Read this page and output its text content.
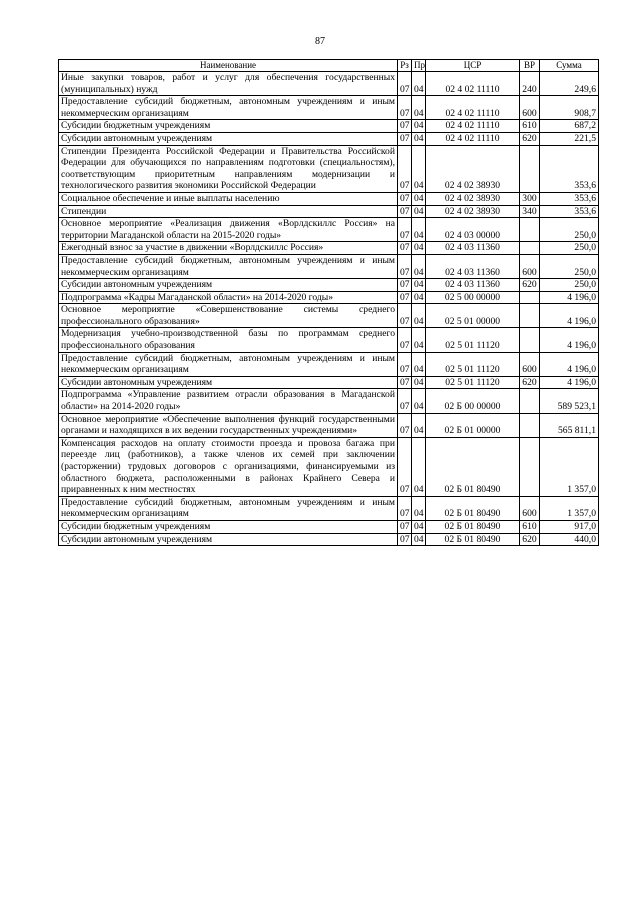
87
Наименование	Рз	Пр	ЦСР	ВР	Сумма
Иные закупки товаров, работ и услуг для обеспечения государственных (муниципальных) нужд	07	04	02 4 02 11110	240	249,6
Предоставление субсидий бюджетным, автономным учреждениям и иным некоммерческим организациям	07	04	02 4 02 11110	600	908,7
Субсидии бюджетным учреждениям	07	04	02 4 02 11110	610	687,2
Субсидии автономным учреждениям	07	04	02 4 02 11110	620	221,5
Стипендии Президента Российской Федерации и Правительства Российской Федерации для обучающихся по направлениям подготовки (специальностям), соответствующим приоритетным направлениям модернизации и технологического развития экономики Российской Федерации	07	04	02 4 02 38930		353,6
Социальное обеспечение и иные выплаты населению	07	04	02 4 02 38930	300	353,6
Стипендии	07	04	02 4 02 38930	340	353,6
Основное мероприятие «Реализация движения «Ворлдскиллс Россия» на территории Магаданской области на 2015-2020 годы»	07	04	02 4 03 00000		250,0
Ежегодный взнос за участие в движении «Ворлдскиллс Россия»	07	04	02 4 03 11360		250,0
Предоставление субсидий бюджетным, автономным учреждениям и иным некоммерческим организациям	07	04	02 4 03 11360	600	250,0
Субсидии автономным учреждениям	07	04	02 4 03 11360	620	250,0
Подпрограмма «Кадры Магаданской области» на 2014-2020 годы»	07	04	02 5 00 00000		4 196,0
Основное мероприятие «Совершенствование системы среднего профессионального образования»	07	04	02 5 01 00000		4 196,0
Модернизация учебно-производственной базы по программам среднего профессионального образования	07	04	02 5 01 11120		4 196,0
Предоставление субсидий бюджетным, автономным учреждениям и иным некоммерческим организациям	07	04	02 5 01 11120	600	4 196,0
Субсидии автономным учреждениям	07	04	02 5 01 11120	620	4 196,0
Подпрограмма «Управление развитием отрасли образования в Магаданской области» на 2014-2020 годы»	07	04	02 Б 00 00000		589 523,1
Основное мероприятие «Обеспечение выполнения функций государственными органами и находящихся в их ведении государственных учреждениями»	07	04	02 Б 01 00000		565 811,1
Компенсация расходов на оплату стоимости проезда и провоза багажа при переезде лиц (работников), а также членов их семей при заключении (расторжении) трудовых договоров с организациями, финансируемыми из областного бюджета, расположенными в районах Крайнего Севера и приравненных к ним местностях	07	04	02 Б 01 80490		1 357,0
Предоставление субсидий бюджетным, автономным учреждениям и иным некоммерческим организациям	07	04	02 Б 01 80490	600	1 357,0
Субсидии бюджетным учреждениям	07	04	02 Б 01 80490	610	917,0
Субсидии автономным учреждениям	07	04	02 Б 01 80490	620	440,0
